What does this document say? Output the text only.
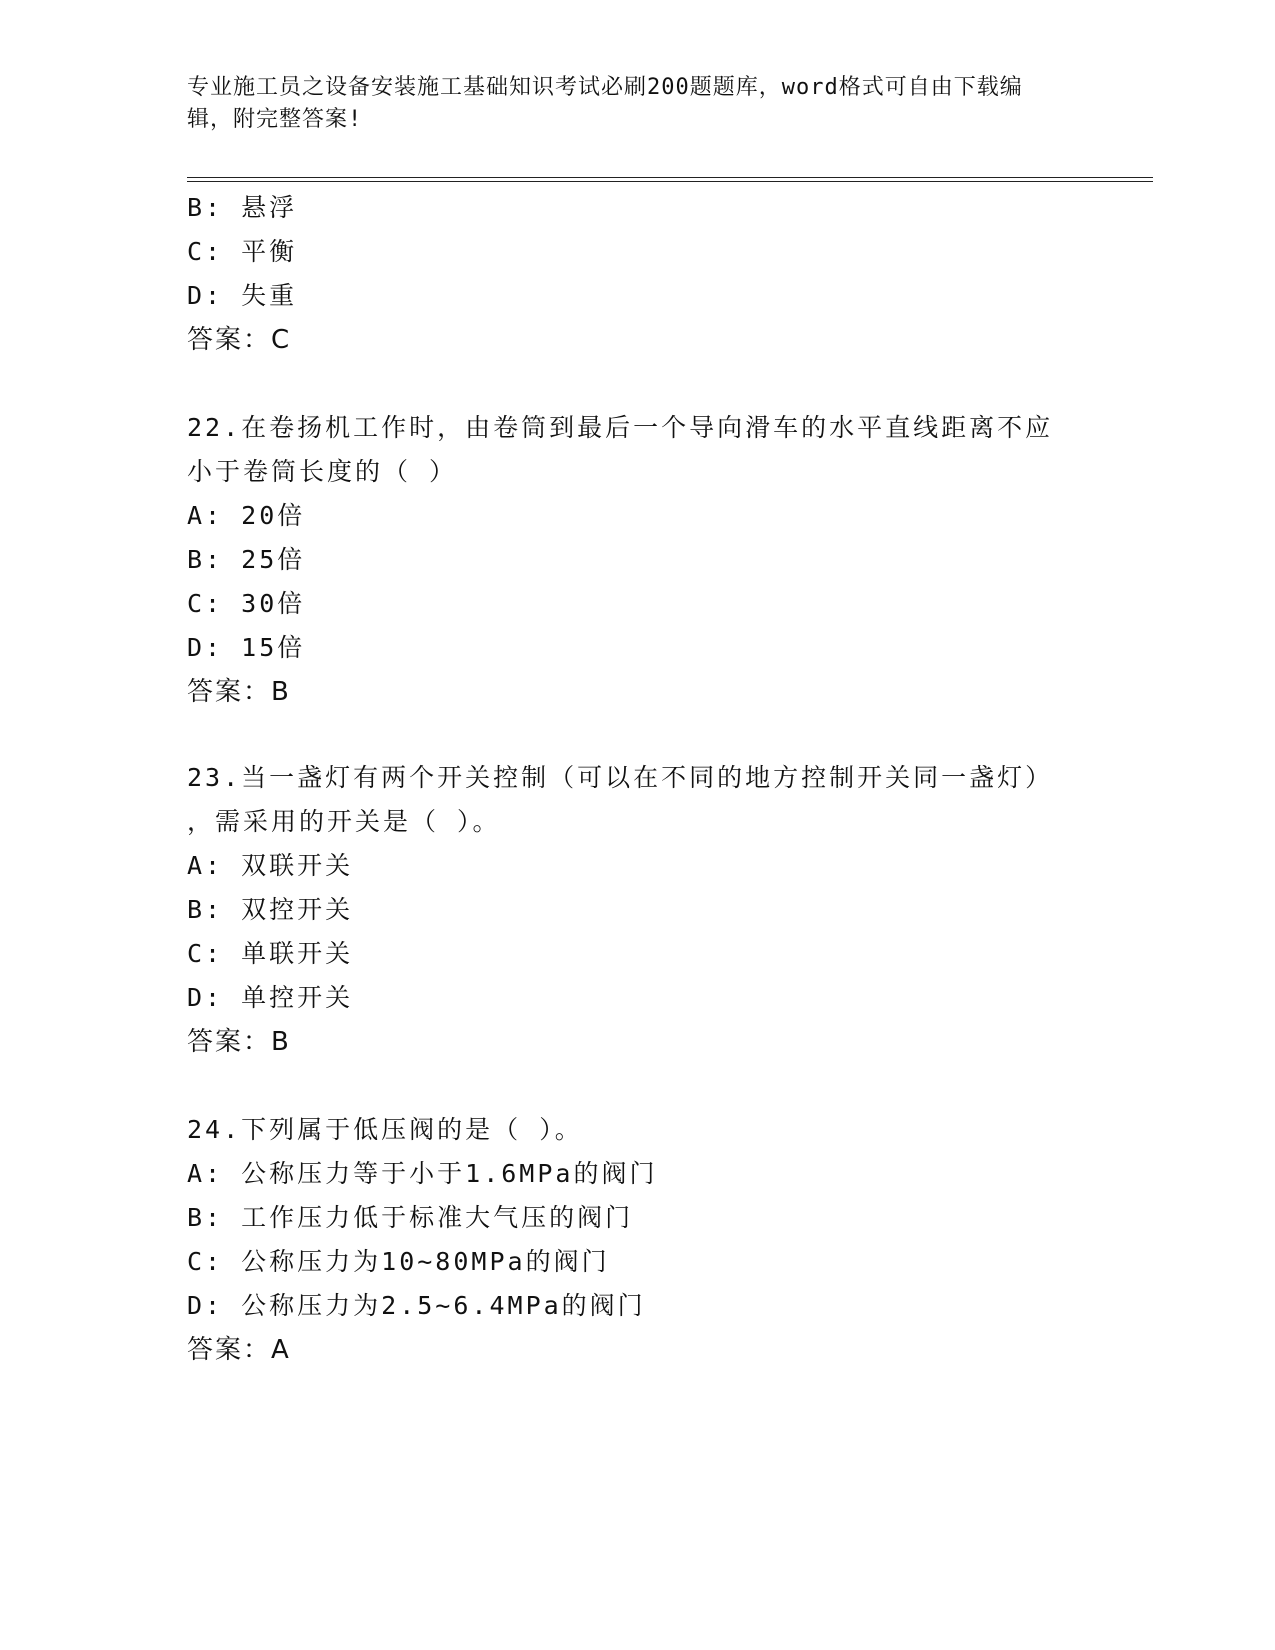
专业施工员之设备安装施工基础知识考试必刷200题题库，word格式可自由下载编辑，附完整答案!
B: 悬浮
C: 平衡
D: 失重
答案：C
22.在卷扬机工作时，由卷筒到最后一个导向滑车的水平直线距离不应
小于卷筒长度的（ ）
A: 20倍
B: 25倍
C: 30倍
D: 15倍
答案：B
23.当一盏灯有两个开关控制（可以在不同的地方控制开关同一盏灯）
，需采用的开关是（ ）。
A: 双联开关
B: 双控开关
C: 单联开关
D: 单控开关
答案：B
24.下列属于低压阀的是（ ）。
A: 公称压力等于小于1.6MPa的阀门
B: 工作压力低于标准大气压的阀门
C: 公称压力为10~80MPa的阀门
D: 公称压力为2.5~6.4MPa的阀门
答案：A
